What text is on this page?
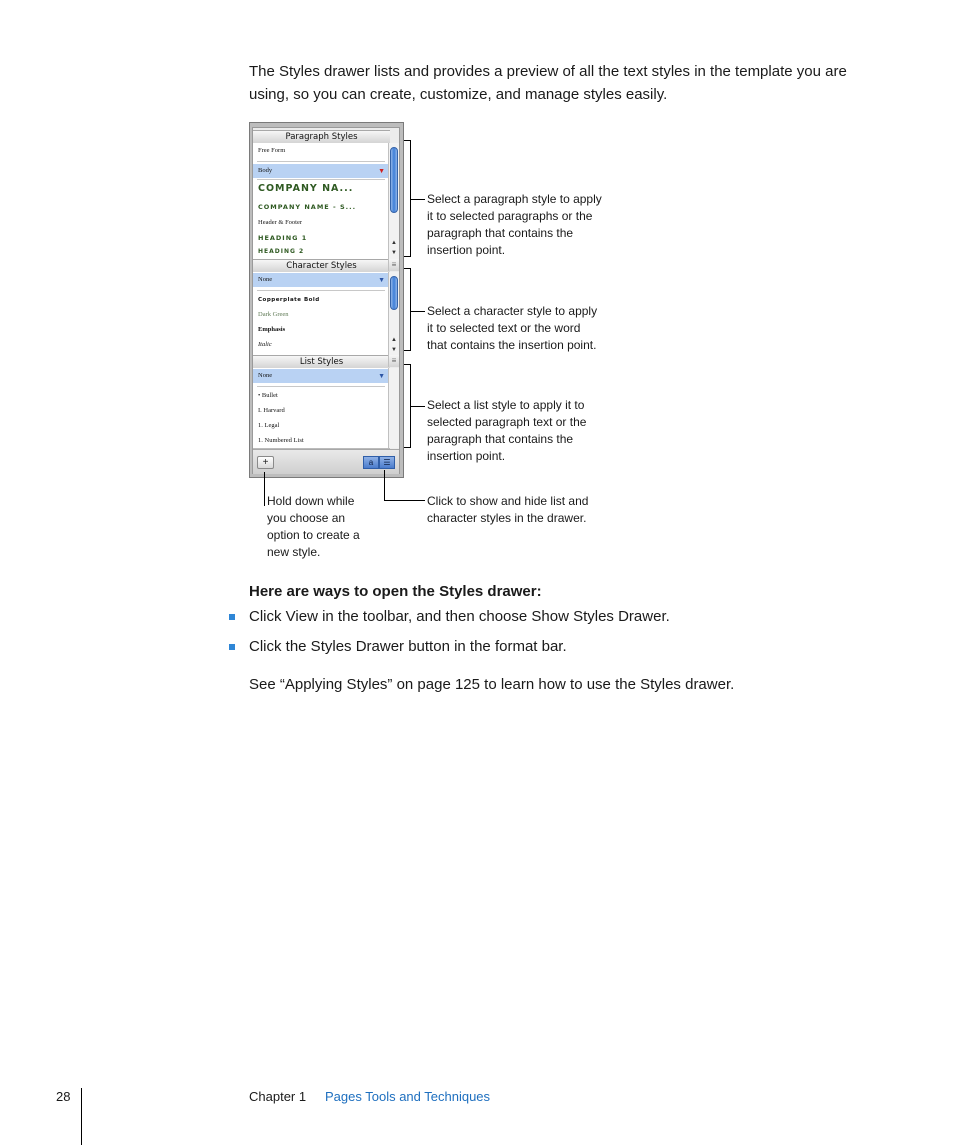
The Styles drawer lists and provides a preview of all the text styles in the template you are using, so you can create, customize, and manage styles easily.

Paragraph Styles
Free Form
Body	▼
COMPANY NA...
COMPANY NAME - S...
Header & Footer
HEADING 1
HEADING 2
▲
▼
Character Styles	≡
None	▼
Copperplate Bold
Dark Green
Emphasis
Italic
▲
▼
List Styles	≡
None	▼
• Bullet
I. Harvard
1. Legal
1. Numbered List
+	a	☰

Select a paragraph style to apply it to selected paragraphs or the paragraph that contains the insertion point.

Select a character style to apply it to selected text or the word that contains the insertion point.

Select a list style to apply it to selected paragraph text or the paragraph that contains the insertion point.

Hold down while you choose an option to create a new style.

Click to show and hide list and character styles in the drawer.

Here are ways to open the Styles drawer:

Click View in the toolbar, and then choose Show Styles Drawer.
Click the Styles Drawer button in the format bar.

See “Applying Styles” on page 125 to learn how to use the Styles drawer.

28	Chapter 1 Pages Tools and Techniques
